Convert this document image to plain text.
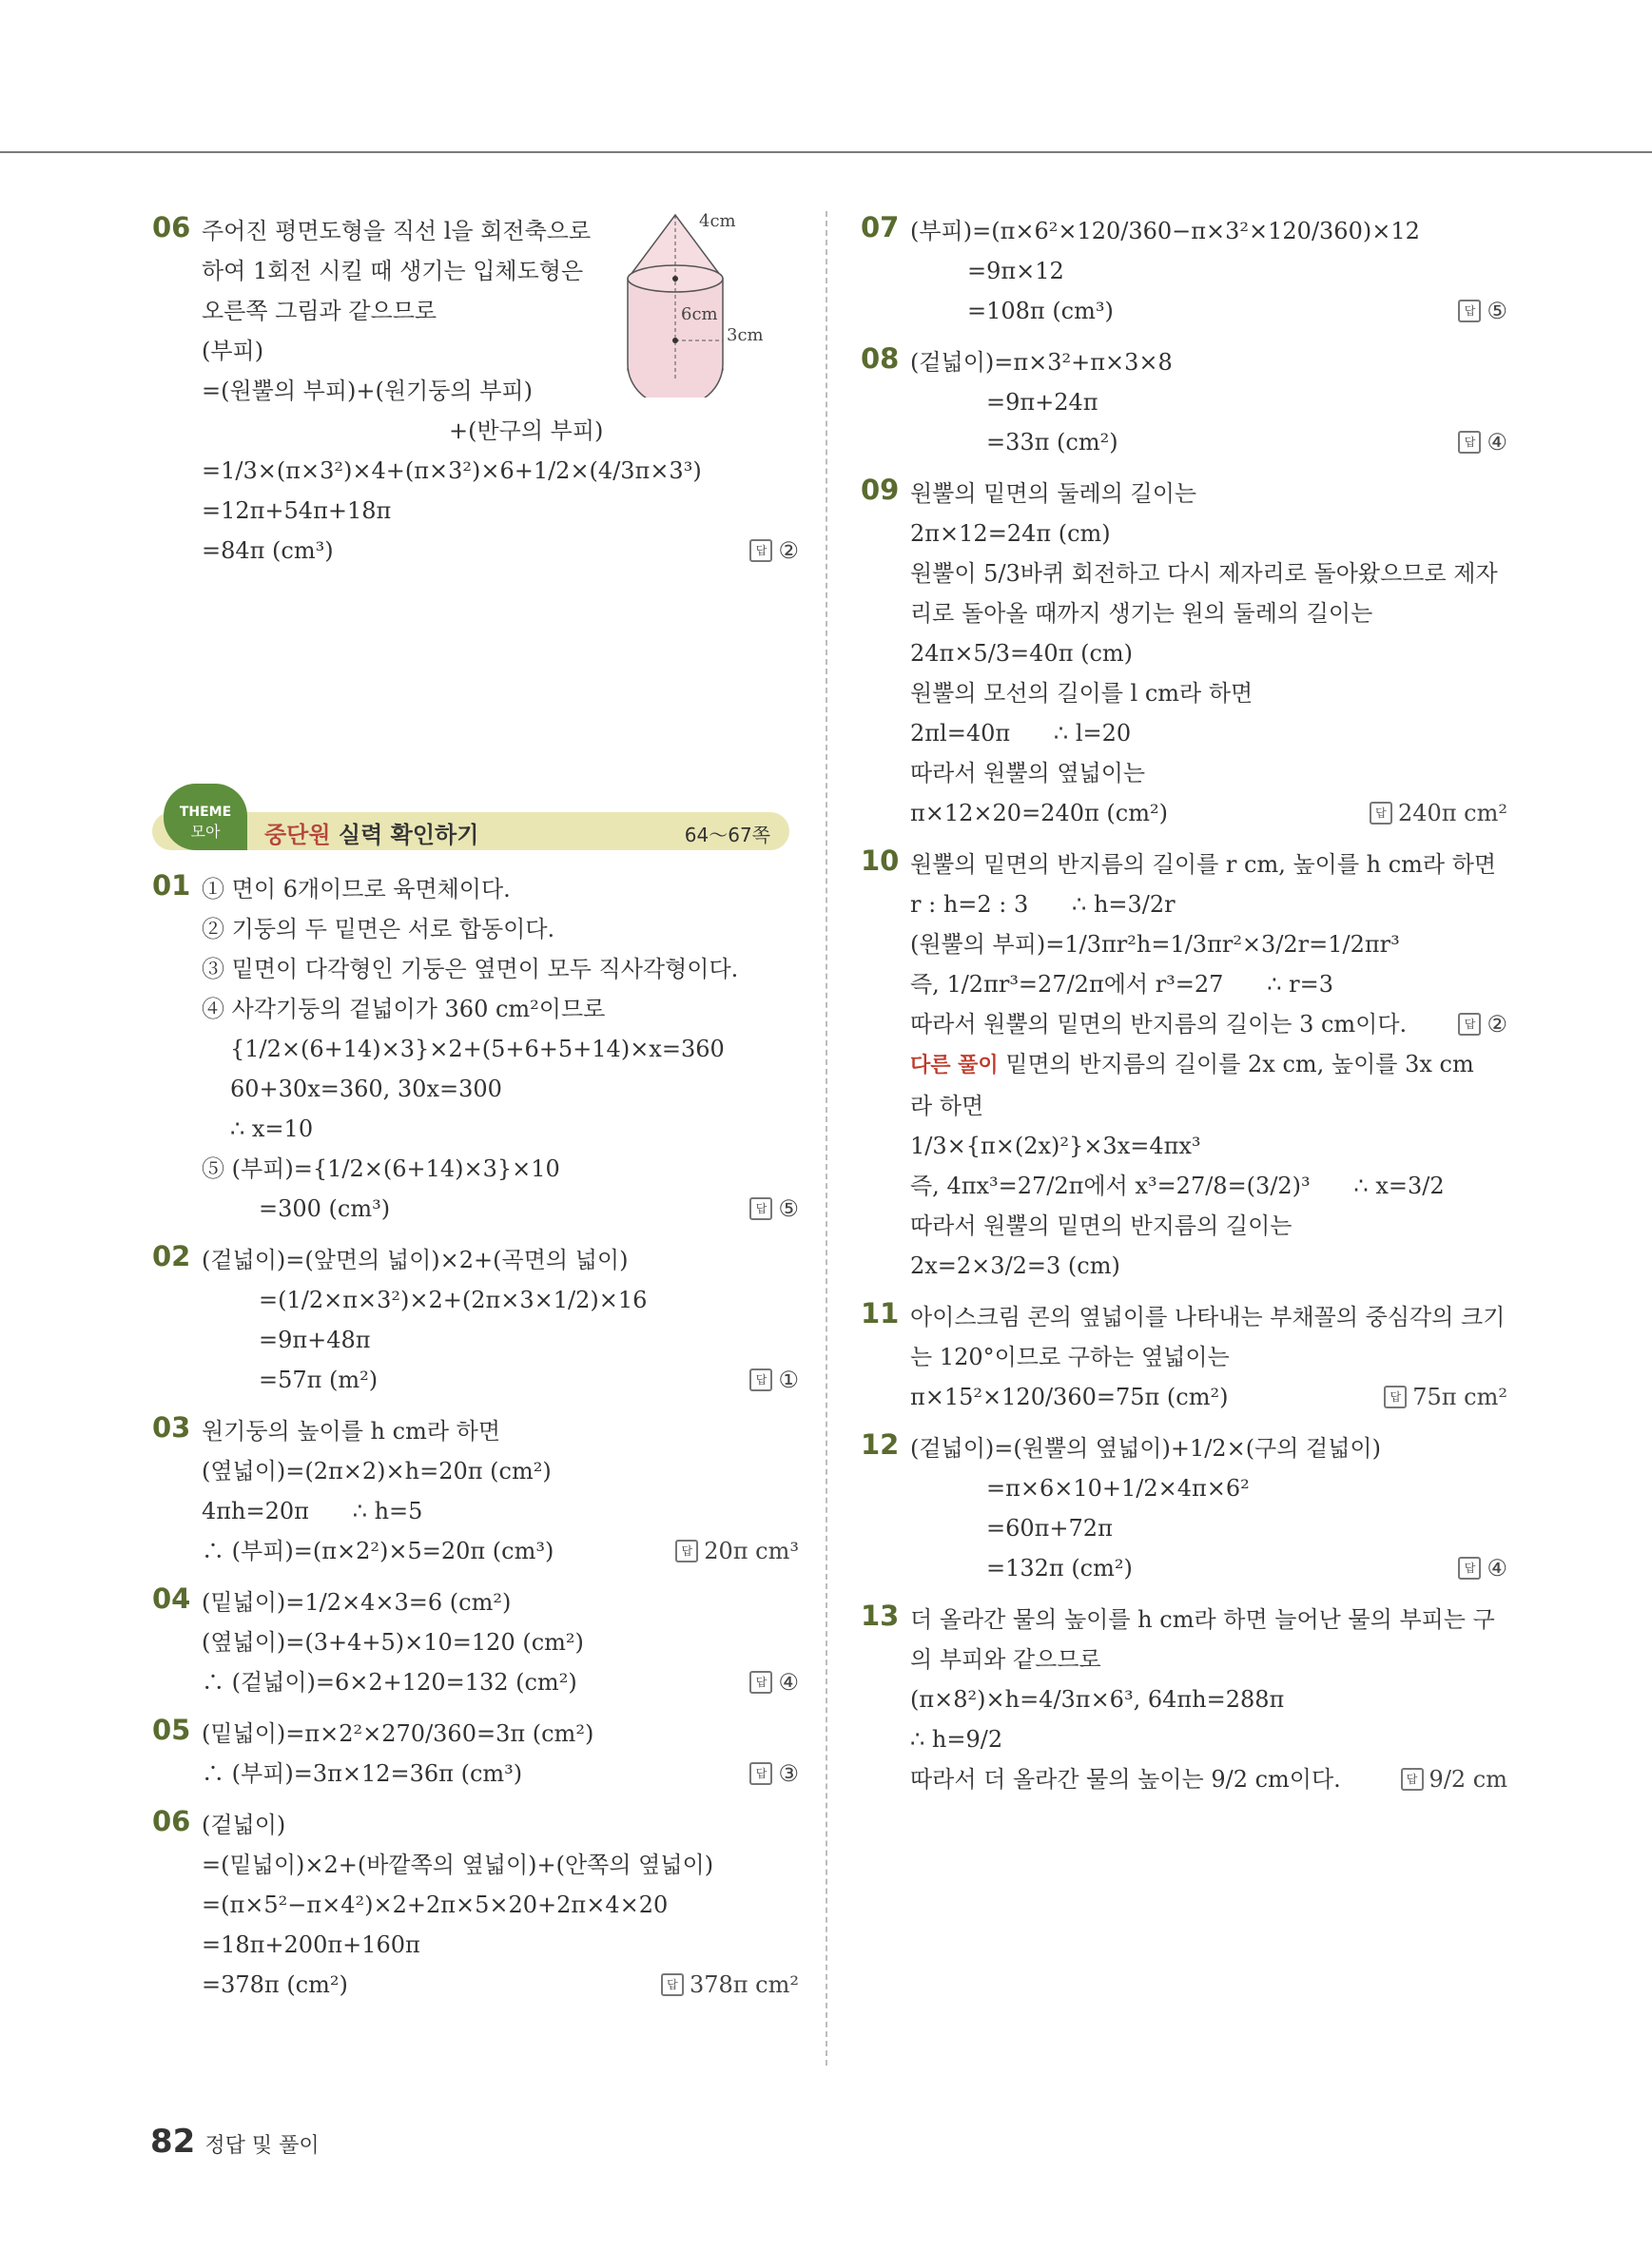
06 주어진 평면도형을 직선 l을 회전축으로
하여 1회전 시킬 때 생기는 입체도형은
오른쪽 그림과 같으므로
(부피)
=(원뿔의 부피)+(원기둥의 부피)
+(반구의 부피)
=1/3×(π×3²)×4+(π×3²)×6+1/2×(4/3π×3³)
=12π+54π+18π
=84π (cm³)	답 ②
4cm
6cm
3cm
THEME
모아	중단원 실력 확인하기	64～67쪽
01 ① 면이 6개이므로 육면체이다.
② 기둥의 두 밑면은 서로 합동이다.
③ 밑면이 다각형인 기둥은 옆면이 모두 직사각형이다.
④ 사각기둥의 겉넓이가 360 cm²이므로
{1/2×(6+14)×3}×2+(5+6+5+14)×x=360
60+30x=360, 30x=300
∴ x=10
⑤ (부피)={1/2×(6+14)×3}×10
=300 (cm³)	답 ⑤
02 (겉넓이)=(앞면의 넓이)×2+(곡면의 넓이)
=(1/2×π×3²)×2+(2π×3×1/2)×16
=9π+48π
=57π (m²)	답 ①
03 원기둥의 높이를 h cm라 하면
(옆넓이)=(2π×2)×h=20π (cm²)
4πh=20π      ∴ h=5
∴ (부피)=(π×2²)×5=20π (cm³)	답 20π cm³
04 (밑넓이)=1/2×4×3=6 (cm²)
(옆넓이)=(3+4+5)×10=120 (cm²)
∴ (겉넓이)=6×2+120=132 (cm²)	답 ④
05 (밑넓이)=π×2²×270/360=3π (cm²)
∴ (부피)=3π×12=36π (cm³)	답 ③
06 (겉넓이)
=(밑넓이)×2+(바깥쪽의 옆넓이)+(안쪽의 옆넓이)
=(π×5²−π×4²)×2+2π×5×20+2π×4×20
=18π+200π+160π
=378π (cm²)	답 378π cm²
07 (부피)=(π×6²×120/360−π×3²×120/360)×12
=9π×12
=108π (cm³)	답 ⑤
08 (겉넓이)=π×3²+π×3×8
=9π+24π
=33π (cm²)	답 ④
09 원뿔의 밑면의 둘레의 길이는
2π×12=24π (cm)
원뿔이 5/3바퀴 회전하고 다시 제자리로 돌아왔으므로 제자
리로 돌아올 때까지 생기는 원의 둘레의 길이는
24π×5/3=40π (cm)
원뿔의 모선의 길이를 l cm라 하면
2πl=40π      ∴ l=20
따라서 원뿔의 옆넓이는
π×12×20=240π (cm²)	답 240π cm²
10 원뿔의 밑면의 반지름의 길이를 r cm, 높이를 h cm라 하면
r : h=2 : 3      ∴ h=3/2r
(원뿔의 부피)=1/3πr²h=1/3πr²×3/2r=1/2πr³
즉, 1/2πr³=27/2π에서 r³=27      ∴ r=3
따라서 원뿔의 밑면의 반지름의 길이는 3 cm이다.	답 ②
다른 풀이 밑면의 반지름의 길이를 2x cm, 높이를 3x cm
라 하면
1/3×{π×(2x)²}×3x=4πx³
즉, 4πx³=27/2π에서 x³=27/8=(3/2)³      ∴ x=3/2
따라서 원뿔의 밑면의 반지름의 길이는
2x=2×3/2=3 (cm)
11 아이스크림 콘의 옆넓이를 나타내는 부채꼴의 중심각의 크기
는 120°이므로 구하는 옆넓이는
π×15²×120/360=75π (cm²)	답 75π cm²
12 (겉넓이)=(원뿔의 옆넓이)+1/2×(구의 겉넓이)
=π×6×10+1/2×4π×6²
=60π+72π
=132π (cm²)	답 ④
13 더 올라간 물의 높이를 h cm라 하면 늘어난 물의 부피는 구
의 부피와 같으므로
(π×8²)×h=4/3π×6³, 64πh=288π
∴ h=9/2
따라서 더 올라간 물의 높이는 9/2 cm이다.	답 9/2 cm
82 정답 및 풀이
